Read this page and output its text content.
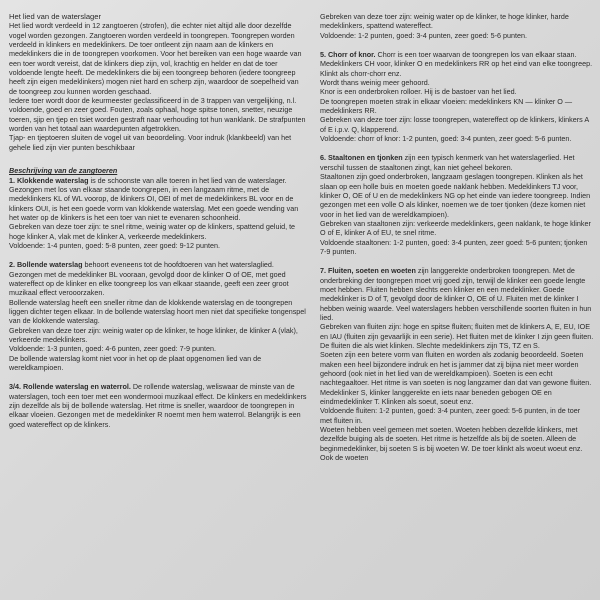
Het lied van de waterslager

Het lied wordt verdeeld in 12 zangtoeren (strofen), die echter niet altijd alle door dezelfde vogel worden gezongen. Zangtoeren worden verdeeld in toongrepen. Toongrepen worden verdeeld in klinkers en medeklinkers. De toer ontleent zijn naam aan de klinkers en medeklinkers die in de toongrepen voorkomen. Voor het bereiken van een hoge waarde van een toer wordt vereist, dat de klinkers diep zijn, vol, krachtig en helder en dat de toer voldoende lengte heeft. De medeklinkers die bij een toongreep behoren (iedere toongreep heeft zijn eigen medeklinkers) mogen niet hard en scherp zijn, waardoor de soepelheid van de toongreep zou kunnen worden geschaad.

Iedere toer wordt door de keurmeester geclassificeerd in de 3 trappen van vergelijking, n.l. voldoende, goed en zeer goed. Fouten, zoals ophaal, hoge spitse tonen, snetter, neuzige toeren, sjip en tjep en tsiet worden gestraft naar verhouding tot hun wanklank. De strafpunten worden van het totaal aan waardepunten afgetrokken.

Tjap- en tjeptoeren sluiten de vogel uit van beoordeling. Voor indruk (klankbeeld) van het gehele lied zijn vier punten beschikbaar

Beschrijving van de zangtoeren

1. Klokkende waterslag is de schoonste van alle toeren in het lied van de waterslager. Gezongen met los van elkaar staande toongrepen, in een langzaam ritme, met de medeklinkers KL of WL voorop, de klinkers OI, OEI of met de medeklinkers BL voor en de klinkers OUI, is het een goede vorm van klokkende waterslag. Met een goede wending van het water op de klinkers is het een toer van niet te evenaren schoonheid.

Gebreken van deze toer zijn: te snel ritme, weinig water op de klinkers, spattend geluid, te hoge klinker A, vlak met de klinker A, verkeerde medeklinkers.

Voldoende: 1-4 punten, goed: 5-8 punten, zeer goed: 9-12 punten.

2. Bollende waterslag behoort eveneens tot de hoofdtoeren van het waterslaglied. Gezongen met de medeklinker BL vooraan, gevolgd door de klinker O of OE, met goed watereffect op de klinker en elke toongreep los van elkaar staande, geeft een zeer groot muzikaal effect verooorzaken.

Bollende waterslag heeft een sneller ritme dan de klokkende waterslag en de toongrepen liggen dichter tegen elkaar. In de bollende waterslag hoort men niet dat specifieke tongenspel van de klokkende waterslag.

Gebreken van deze toer zijn: weinig water op de klinker, te hoge klinker, de klinker A (vlak), verkeerde medeklinkers.

Voldoende: 1-3 punten, goed: 4-6 punten, zeer goed: 7-9 punten.

De bollende waterslag komt niet voor in het op de plaat opgenomen lied van de wereldkampioen.

3/4. Rollende waterslag en waterrol. De rollende waterslag, weliswaar de minste van de waterslagen, toch een toer met een wondermooi muzikaal effect. De klinkers en medeklinkers zijn dezelfde als bij de bollende waterslag. Het ritme is sneller, waardoor de toongrepen in elkaar vloeien. Gezongen met de medeklinker R noemt men hem waterrol. Belangrijk is een goed watereffect op de klinkers.

Gebreken van deze toer zijn: weinig water op de klinker, te hoge klinker, harde medeklinkers, spattend watereffect.

Voldoende: 1-2 punten, goed: 3-4 punten, zeer goed: 5-6 punten.

5. Chorr of knor. Chorr is een toer waarvan de toongrepen los van elkaar staan. Medeklinkers CH voor, klinker O en medeklinkers RR op het eind van elke toongreep. Klinkt als chorr-chorr enz.

Wordt thans weinig meer gehoord.

Knor is een onderbroken rolloer. Hij is de bastoer van het lied.

De toongrepen moeten strak in elkaar vloeien: medeklinkers KN — klinker O — medeklinkers RR.

Gebreken van deze toer zijn: losse toongrepen, watereffect op de klinkers, klinkers A of E i.p.v. Q, klapperend.

Voldoende: chorr of knor: 1-2 punten, goed: 3-4 punten, zeer goed: 5-6 punten.

6. Staaltonen en tjonken zijn een typisch kenmerk van het waterslagerlied. Het verschil tussen de staaltonen zingt, kan niet geheel bekoren.

Staaltonen zijn goed onderbroken, langzaam geslagen toongrepen. Klinken als het slaan op een holle buis en moeten goede naklank hebben. Medeklinkers TJ voor, klinker O, OE of U en de medeklinkers NG op het einde van iedere toongreep. Indien gezongen met een volle O als klinker, noemen we de toer tjonken (deze komen niet voor in het lied van de wereldkampioen).

Gebreken van staaltonen zijn: verkeerde medeklinkers, geen naklank, te hoge klinker O of E, klinker A of EU, te snel ritme.

Voldoende staaltonen: 1-2 punten, goed: 3-4 punten, zeer goed: 5-6 punten; tjonken 7-9 punten.

7. Fluiten, soeten en woeten zijn langgerekte onderbroken toongrepen. Met de onderbreking der toongrepen moet vrij goed zijn, terwijl de klinker een goede lengte moet hebben. Fluiten hebben slechts een klinker en een medeklinker. Goede medeklinker is D of T, gevolgd door de klinker O, OE of U. Fluiten met de klinker I hebben weinig waarde. Veel waterslagers hebben verschillende soorten fluiten in hun lied.

Gebreken van fluiten zijn: hoge en spitse fluiten; fluiten met de klinkers A, E, EU, IOE en IAU (fluiten zijn gevaarlijk in een serie). Het fluiten met de klinker I zijn geen fluiten. De fluiten die als wiet klinken. Slechte medeklinkers zijn TS, TZ en S.

Soeten zijn een betere vorm van fluiten en worden als zodanig beoordeeld. Soeten maken een heel bijzondere indruk en het is jammer dat zij bijna niet meer worden gehoord (ook niet in het lied van de wereldkampioen). Soeten is een echt nachtegaaltoer. Het ritme is van soeten is nog langzamer dan dat van gewone fluiten. Medeklinker S, klinker langgerekte en iets naar beneden gebogen OE en eindmedeklinker T. Klinken als soeut, soeut enz.

Voldoende fluiten: 1-2 punten, goed: 3-4 punten, zeer goed: 5-6 punten, in de toer met fluiten in.

Woeten hebben veel gemeen met soeten. Woeten hebben dezelfde klinkers, met dezelfde buiging als de soeten. Het ritme is hetzelfde als bij de soeten. Alleen de beginmedeklinker, bij soeten S is bij woeten W. De toer klinkt als woeut woeut enz. Ook de woeten
